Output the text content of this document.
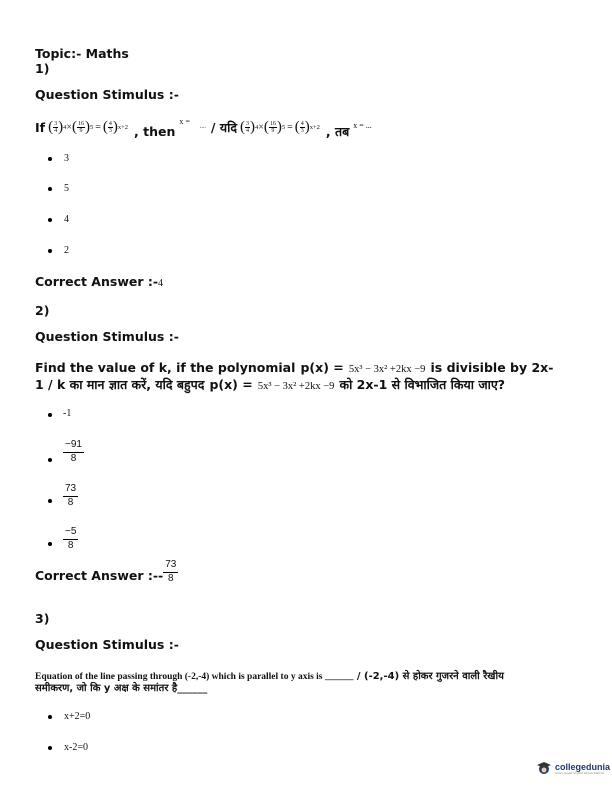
Topic:- Maths
1)
Question Stimulus :-
If ( $\frac{3}{4}$ ) 4 × ( $\frac{16}{9}$ ) 5 = ( $\frac{4}{3}$ ) x+2 , then
x =
.... / यदि ( $\frac{3}{4}$ ) 4 × ( $\frac{16}{9}$ ) 5 = ( $\frac{4}{3}$ ) x+2 , तब x = ...
3
5
4
2
Correct Answer :-4
2)
Question Stimulus :-
Find the value of k, if the polynomial p(x) = 5x³ − 3x² +2kx −9 is divisible by 2x-
1 / k का मान ज्ञात करें, यदि बहुपद p(x) = 5x³ − 3x² +2kx −9 को 2x-1 से विभाजित किया जाए?
-1
$\frac{-91}{8}$
$\frac{73}{8}$
$\frac{-5}{8}$
Correct Answer :- - $\frac{73}{8}$
3)
Question Stimulus :-
Equation of the line passing through (-2,-4) which is parallel to y axis is ______ / (-2,-4) से होकर गुजरने वाली रैखीय
समीकरण, जो कि y अक्ष के समांतर है______
x+2=0
x-2=0
collegedunia
India's largest Student Review Platform
